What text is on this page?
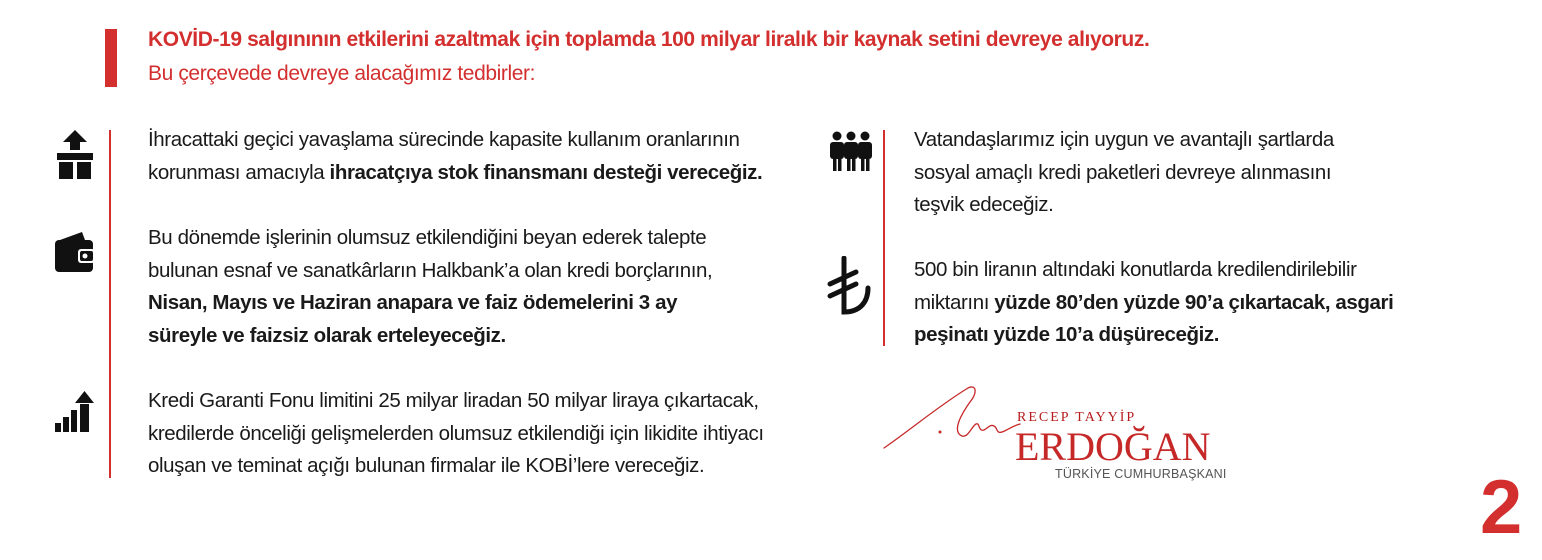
KOVİD-19 salgınının etkilerini azaltmak için toplamda 100 milyar liralık bir kaynak setini devreye alıyoruz.
Bu çerçevede devreye alacağımız tedbirler:
İhracattaki geçici yavaşlama sürecinde kapasite kullanım oranlarının
korunması amacıyla ihracatçıya stok finansmanı desteği vereceğiz.
Bu dönemde işlerinin olumsuz etkilendiğini beyan ederek talepte
bulunan esnaf ve sanatkârların Halkbank’a olan kredi borçlarının,
Nisan, Mayıs ve Haziran anapara ve faiz ödemelerini 3 ay
süreyle ve faizsiz olarak erteleyeceğiz.
Kredi Garanti Fonu limitini 25 milyar liradan 50 milyar liraya çıkartacak,
kredilerde önceliği gelişmelerden olumsuz etkilendiği için likidite ihtiyacı
oluşan ve teminat açığı bulunan firmalar ile KOBİ’lere vereceğiz.
Vatandaşlarımız için uygun ve avantajlı şartlarda
sosyal amaçlı kredi paketleri devreye alınmasını
teşvik edeceğiz.
500 bin liranın altındaki konutlarda kredilendirilebilir
miktarını yüzde 80’den yüzde 90’a çıkartacak, asgari
peşinatı yüzde 10’a düşüreceğiz.
RECEP TAYYİP
ERDOĞAN
TÜRKİYE CUMHURBAŞKANI	2
